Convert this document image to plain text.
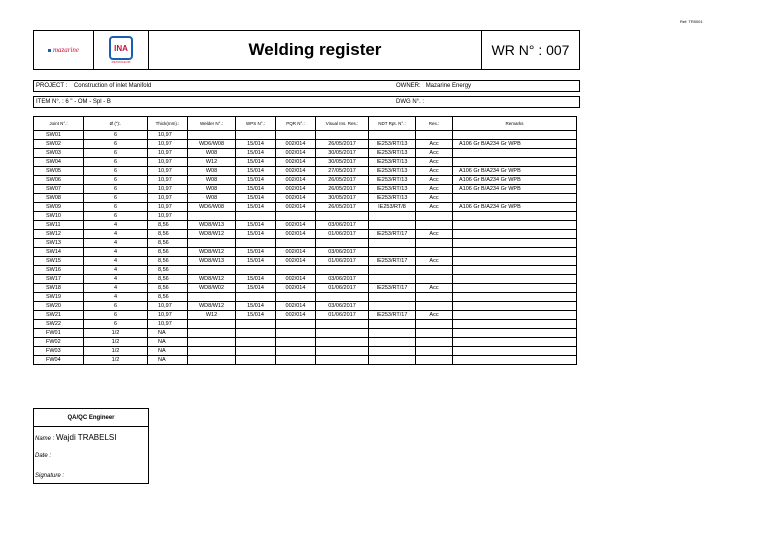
Ref: TR0001
mazarine	INA
PETROLEUM
Welding register	WR N° : 007
PROJECT : Construction of inlet Manifold	OWNER: Mazarine Energy
ITEM N°. : 6 " - OM - Spl - B	DWG N°. :
Joint N°.:	Ø ("):.	Thick(mm).:	Welder N°.:	WPS N°.:	PQR N°.:	Visual Ins. Res.:	NDT Rpt. N°.:	Res.:	Remarks
SW01	6	10,97							
SW02	6	10,97	WD6/W08	15/014	002/014	26/05/2017	IE253/RT/13	Acc	A106 Gr B/A234 Gr WPB
SW03	6	10,97	W08	15/014	002/014	30/05/2017	IE253/RT/13	Acc	
SW04	6	10,97	W12	15/014	002/014	30/05/2017	IE253/RT/13	Acc	
SW05	6	10,97	W08	15/014	002/014	27/05/2017	IE253/RT/13	Acc	A106 Gr B/A234 Gr WPB
SW06	6	10,97	W08	15/014	002/014	26/05/2017	IE253/RT/13	Acc	A106 Gr B/A234 Gr WPB
SW07	6	10,97	W08	15/014	002/014	26/05/2017	IE253/RT/13	Acc	A106 Gr B/A234 Gr WPB
SW08	6	10,97	W08	15/014	002/014	30/05/2017	IE253/RT/13	Acc	
SW09	6	10,97	WD6/W08	15/014	002/014	26/05/2017	IE253/RT/8	Acc	A106 Gr B/A234 Gr WPB
SW10	6	10,97							
SW11	4	8,56	WD8/W13	15/014	002/014	03/06/2017			
SW12	4	8,56	WD8/W12	15/014	002/014	01/06/2017	IE253/RT/17	Acc	
SW13	4	8,56							
SW14	4	8,56	WD8/W12	15/014	002/014	03/06/2017			
SW15	4	8,56	WD8/W13	15/014	002/014	01/06/2017	IE253/RT/17	Acc	
SW16	4	8,56							
SW17	4	8,56	WD8/W12	15/014	002/014	03/06/2017			
SW18	4	8,56	WD8/W02	15/014	002/014	01/06/2017	IE253/RT/17	Acc	
SW19	4	8,56							
SW20	6	10,97	WD8/W12	15/014	002/014	03/06/2017			
SW21	6	10,97	W12	15/014	002/014	01/06/2017	IE253/RT/17	Acc	
SW22	6	10,97							
FW01	1/2	NA							
FW02	1/2	NA							
FW03	1/2	NA							
FW04	1/2	NA							
QA/QC Engineer
Name : Wajdi TRABELSI
Date :
Signature :
